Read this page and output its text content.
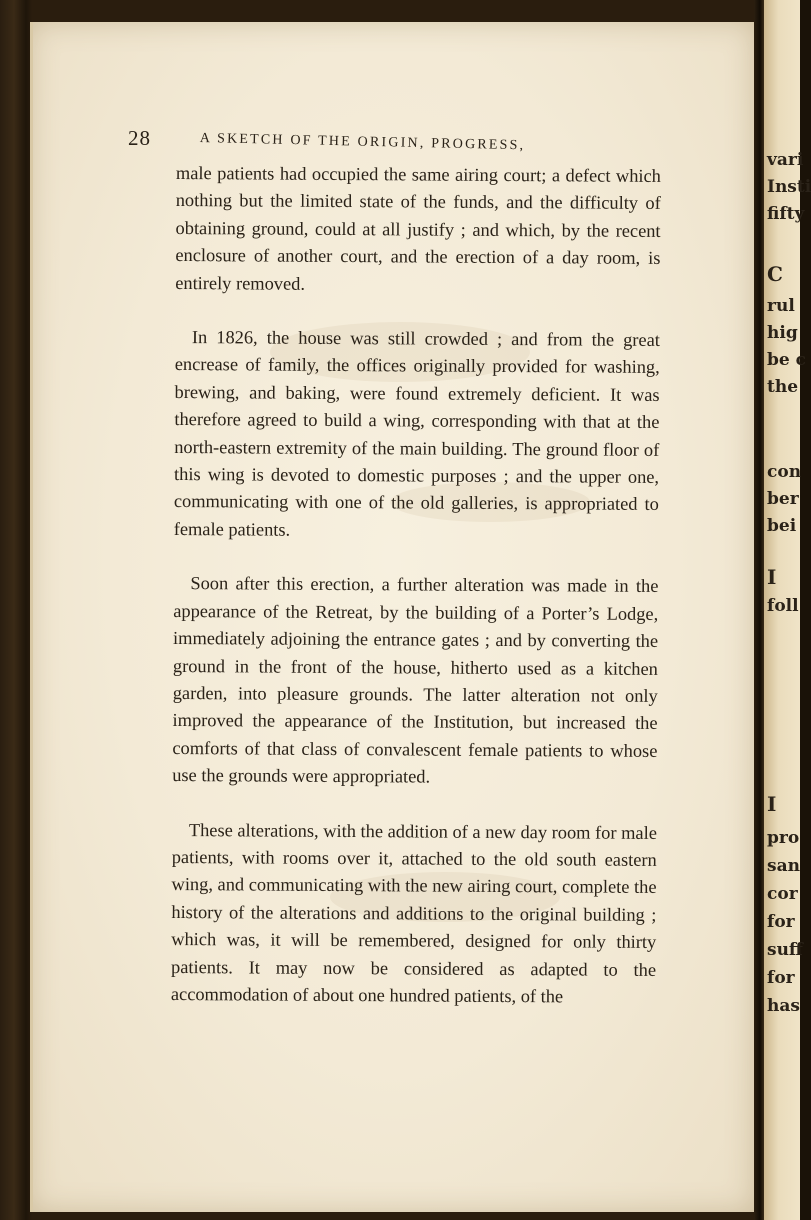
28	A SKETCH OF THE ORIGIN, PROGRESS,

male patients had occupied the same airing court; a defect which nothing but the limited state of the funds, and the difficulty of obtaining ground, could at all justify ; and which, by the recent enclosure of another court, and the erection of a day room, is entirely removed.

In 1826, the house was still crowded ; and from the great encrease of family, the offices originally provided for washing, brewing, and baking, were found extremely deficient. It was therefore agreed to build a wing, corresponding with that at the north-eastern extremity of the main building. The ground floor of this wing is devoted to domestic purposes ; and the upper one, communicating with one of the old galleries, is appropriated to female patients.

Soon after this erection, a further alteration was made in the appearance of the Retreat, by the building of a Porter’s Lodge, immediately adjoining the entrance gates ; and by converting the ground in the front of the house, hitherto used as a kitchen garden, into pleasure grounds. The latter alteration not only improved the appearance of the Institution, but increased the comforts of that class of convalescent female patients to whose use the grounds were appropriated.

These alterations, with the addition of a new day room for male patients, with rooms over it, attached to the old south eastern wing, and communicating with the new airing court, complete the history of the alterations and additions to the original building ; which was, it will be remembered, designed for only thirty patients. It may now be considered as adapted to the accommodation of about one hundred patients, of the

vari
Insti
fifty
C
rul
hig
be c
the
con
ber
bei
I
foll
I
pro
san
cor
for
suff
for
has
